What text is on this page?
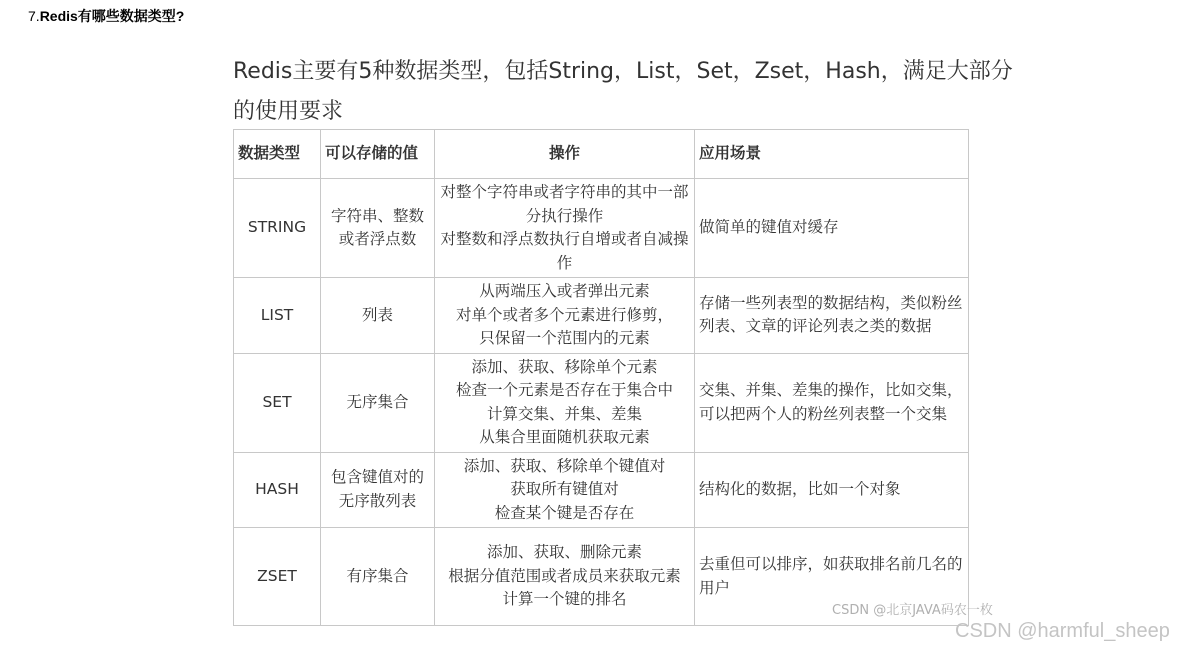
7.Redis有哪些数据类型?
Redis主要有5种数据类型，包括String，List，Set，Zset，Hash，满足大部分
的使用要求
数据类型	可以存储的值	操作	应用场景
STRING	字符串、整数或者浮点数	对整个字符串或者字符串的其中一部分执行操作
对整数和浮点数执行自增或者自减操作	做简单的键值对缓存
LIST	列表	从两端压入或者弹出元素
对单个或者多个元素进行修剪，
只保留一个范围内的元素	存储一些列表型的数据结构，类似粉丝列表、文章的评论列表之类的数据
SET	无序集合	添加、获取、移除单个元素
检查一个元素是否存在于集合中
计算交集、并集、差集
从集合里面随机获取元素	交集、并集、差集的操作，比如交集，可以把两个人的粉丝列表整一个交集
HASH	包含键值对的无序散列表	添加、获取、移除单个键值对
获取所有键值对
检查某个键是否存在	结构化的数据，比如一个对象
ZSET	有序集合	添加、获取、删除元素
根据分值范围或者成员来获取元素
计算一个键的排名	去重但可以排序，如获取排名前几名的用户
CSDN @北京JAVA码农一枚
CSDN @harmful_sheep
